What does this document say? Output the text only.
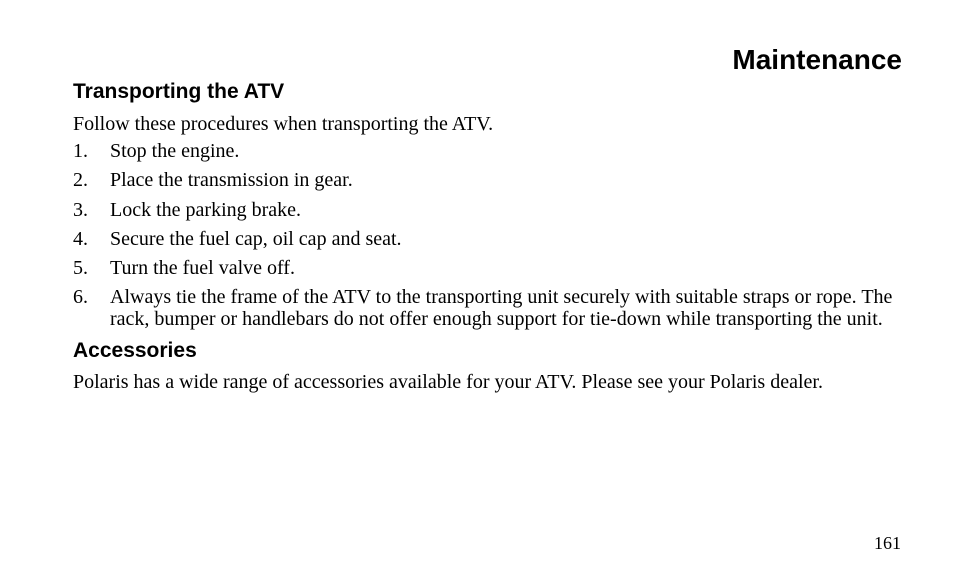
Maintenance
Transporting the ATV

Follow these procedures when transporting the ATV.

1.	Stop the engine.
2.	Place the transmission in gear.
3.	Lock the parking brake.
4.	Secure the fuel cap, oil cap and seat.
5.	Turn the fuel valve off.
6.	Always tie the frame of the ATV to the transporting unit securely with suitable straps or rope. The rack, bumper or handlebars do not offer enough support for tie-down while transporting the unit.
Accessories

Polaris has a wide range of accessories available for your ATV. Please see your Polaris dealer.

161
